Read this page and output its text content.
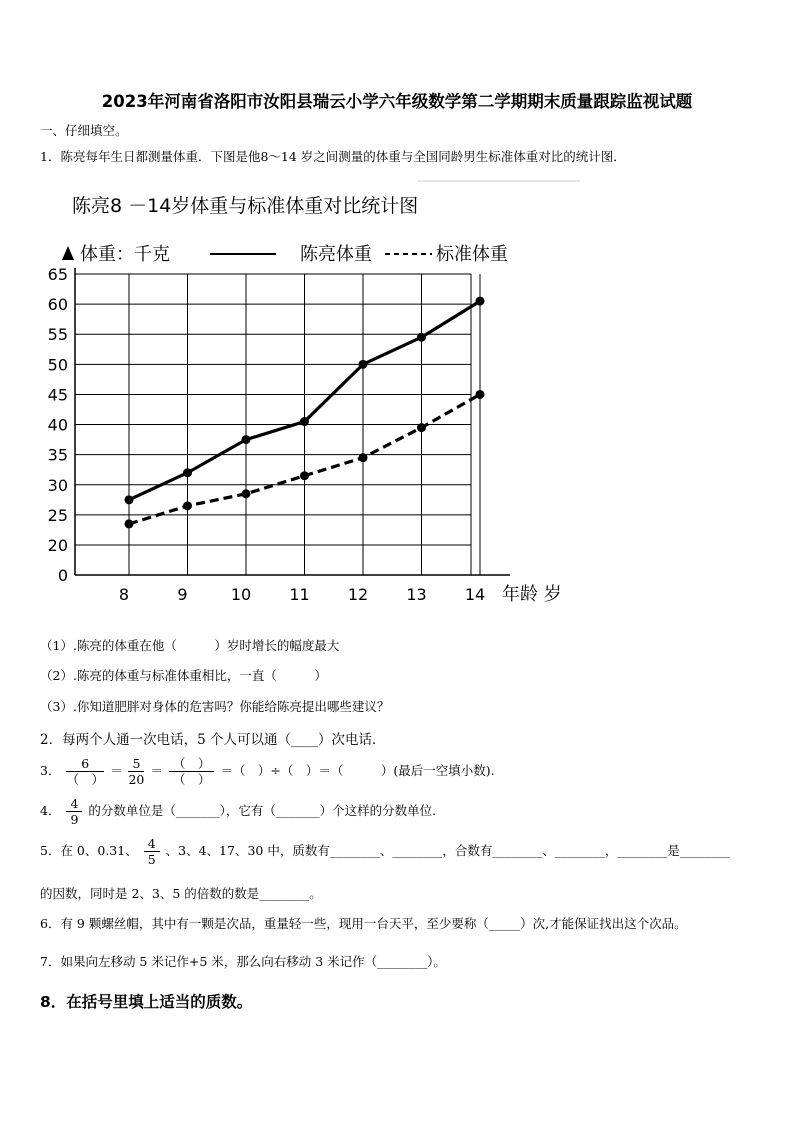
2023年河南省洛阳市汝阳县瑞云小学六年级数学第二学期期末质量跟踪监视试题
一、仔细填空。
1．陈亮每年生日都测量体重．下图是他8～14 岁之间测量的体重与全国同龄男生标准体重对比的统计图．
陈亮8 －14岁体重与标准体重对比统计图
体重：千克	陈亮体重	标准体重
0
20
25
30
35
40
45
50
55
60
65
8	9	10 11 12 13 14 年龄 岁
（1）.陈亮的体重在他（　　　）岁时增长的幅度最大
（2）.陈亮的体重与标准体重相比，一直（　　　）
（3）.你知道肥胖对身体的危害吗？你能给陈亮提出哪些建议？
2．每两个人通一次电话，5 个人可以通（____）次电话．
3． $\frac{6}{( )} = \frac{5}{20} = \frac{( )}{( )}$ ＝（　）÷（　）＝（　　　）(最后一空填小数).
4． $\frac{4}{9}$ 的分数单位是（_______），它有（_______）个这样的分数单位.
5．在 0、0.31、 $\frac{4}{5}$ 、3、4、17、30 中，质数有________、________，合数有________、________，________是________
的因数，同时是 2、3、5 的倍数的数是________。
6．有 9 颗螺丝帽，其中有一颗是次品，重量轻一些，现用一台天平，至少要称（_____）次,才能保证找出这个次品。
7．如果向左移动 5 米记作+5 米，那么向右移动 3 米记作（________）。
8．在括号里填上适当的质数。
